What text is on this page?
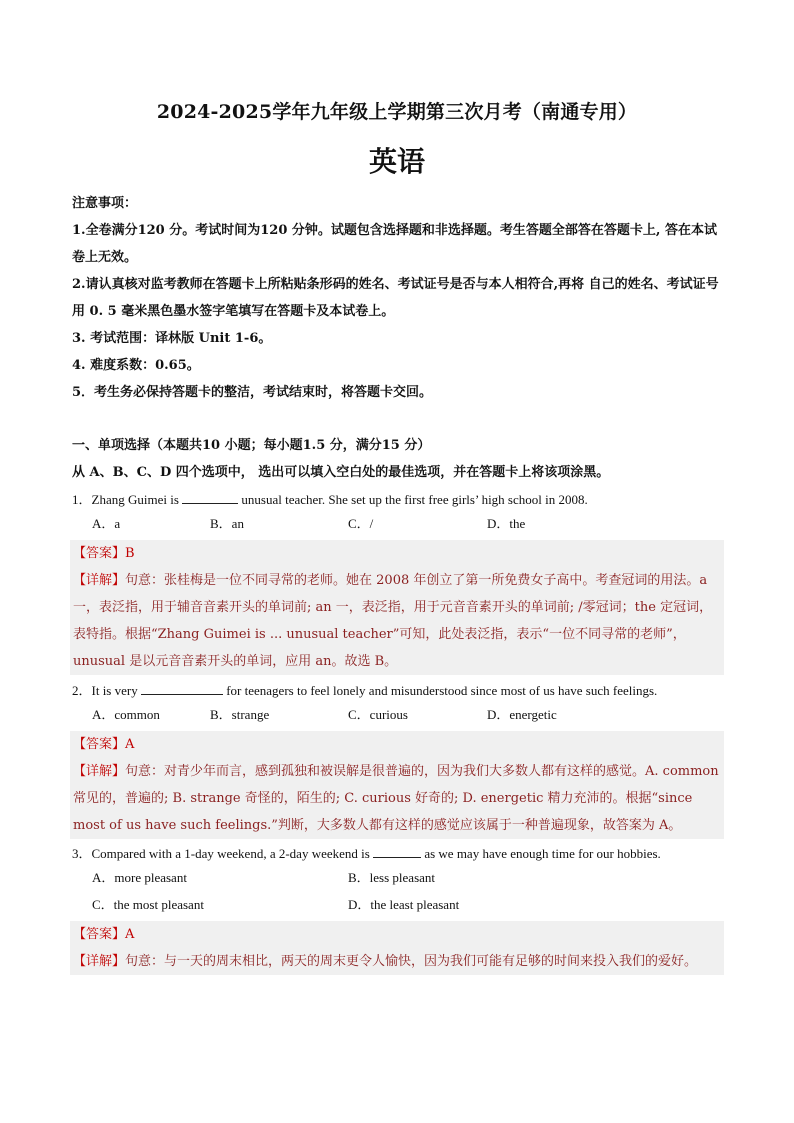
2024-2025学年九年级上学期第三次月考（南通专用）
英语
注意事项：
1.全卷满分120 分。考试时间为120 分钟。试题包含选择题和非选择题。考生答题全部答在答题卡上, 答在本试卷上无效。
2.请认真核对监考教师在答题卡上所粘贴条形码的姓名、考试证号是否与本人相符合,再将 自己的姓名、考试证号用 0. 5 毫米黑色墨水签字笔填写在答题卡及本试卷上。
3. 考试范围：译林版 Unit 1-6。
4. 难度系数：0.65。
5．考生务必保持答题卡的整洁，考试结束时，将答题卡交回。
一、单项选择（本题共10 小题；每小题1.5 分，满分15 分）
从 A、B、C、D 四个选项中， 选出可以填入空白处的最佳选项，并在答题卡上将该项涂黑。
1．Zhang Guimei is	unusual teacher. She set up the first free girls’ high school in 2008.
A．a	B．an	C．/	D．the
【答案】B
【详解】句意：张桂梅是一位不同寻常的老师。她在 2008 年创立了第一所免费女子高中。考查冠词的用法。a 一，表泛指，用于辅音音素开头的单词前; an 一，表泛指，用于元音音素开头的单词前; /零冠词；the 定冠词，表特指。根据“Zhang Guimei is ... unusual teacher”可知，此处表泛指，表示“一位不同寻常的老师”，unusual 是以元音音素开头的单词，应用 an。故选 B。
2．It is very	for teenagers to feel lonely and misunderstood since most of us have such feelings.
A．common	B．strange	C．curious	D．energetic
【答案】A
【详解】句意：对青少年而言，感到孤独和被误解是很普遍的，因为我们大多数人都有这样的感觉。A. common常见的，普遍的; B. strange 奇怪的，陌生的; C. curious 好奇的; D. energetic 精力充沛的。根据“since most of us have such feelings.”判断，大多数人都有这样的感觉应该属于一种普遍现象，故答案为 A。
3．Compared with a 1-day weekend, a 2-day weekend is	as we may have enough time for our hobbies.
A．more pleasant	B．less pleasant
C．the most pleasant	D．the least pleasant
【答案】A
【详解】句意：与一天的周末相比，两天的周末更令人愉快，因为我们可能有足够的时间来投入我们的爱好。
